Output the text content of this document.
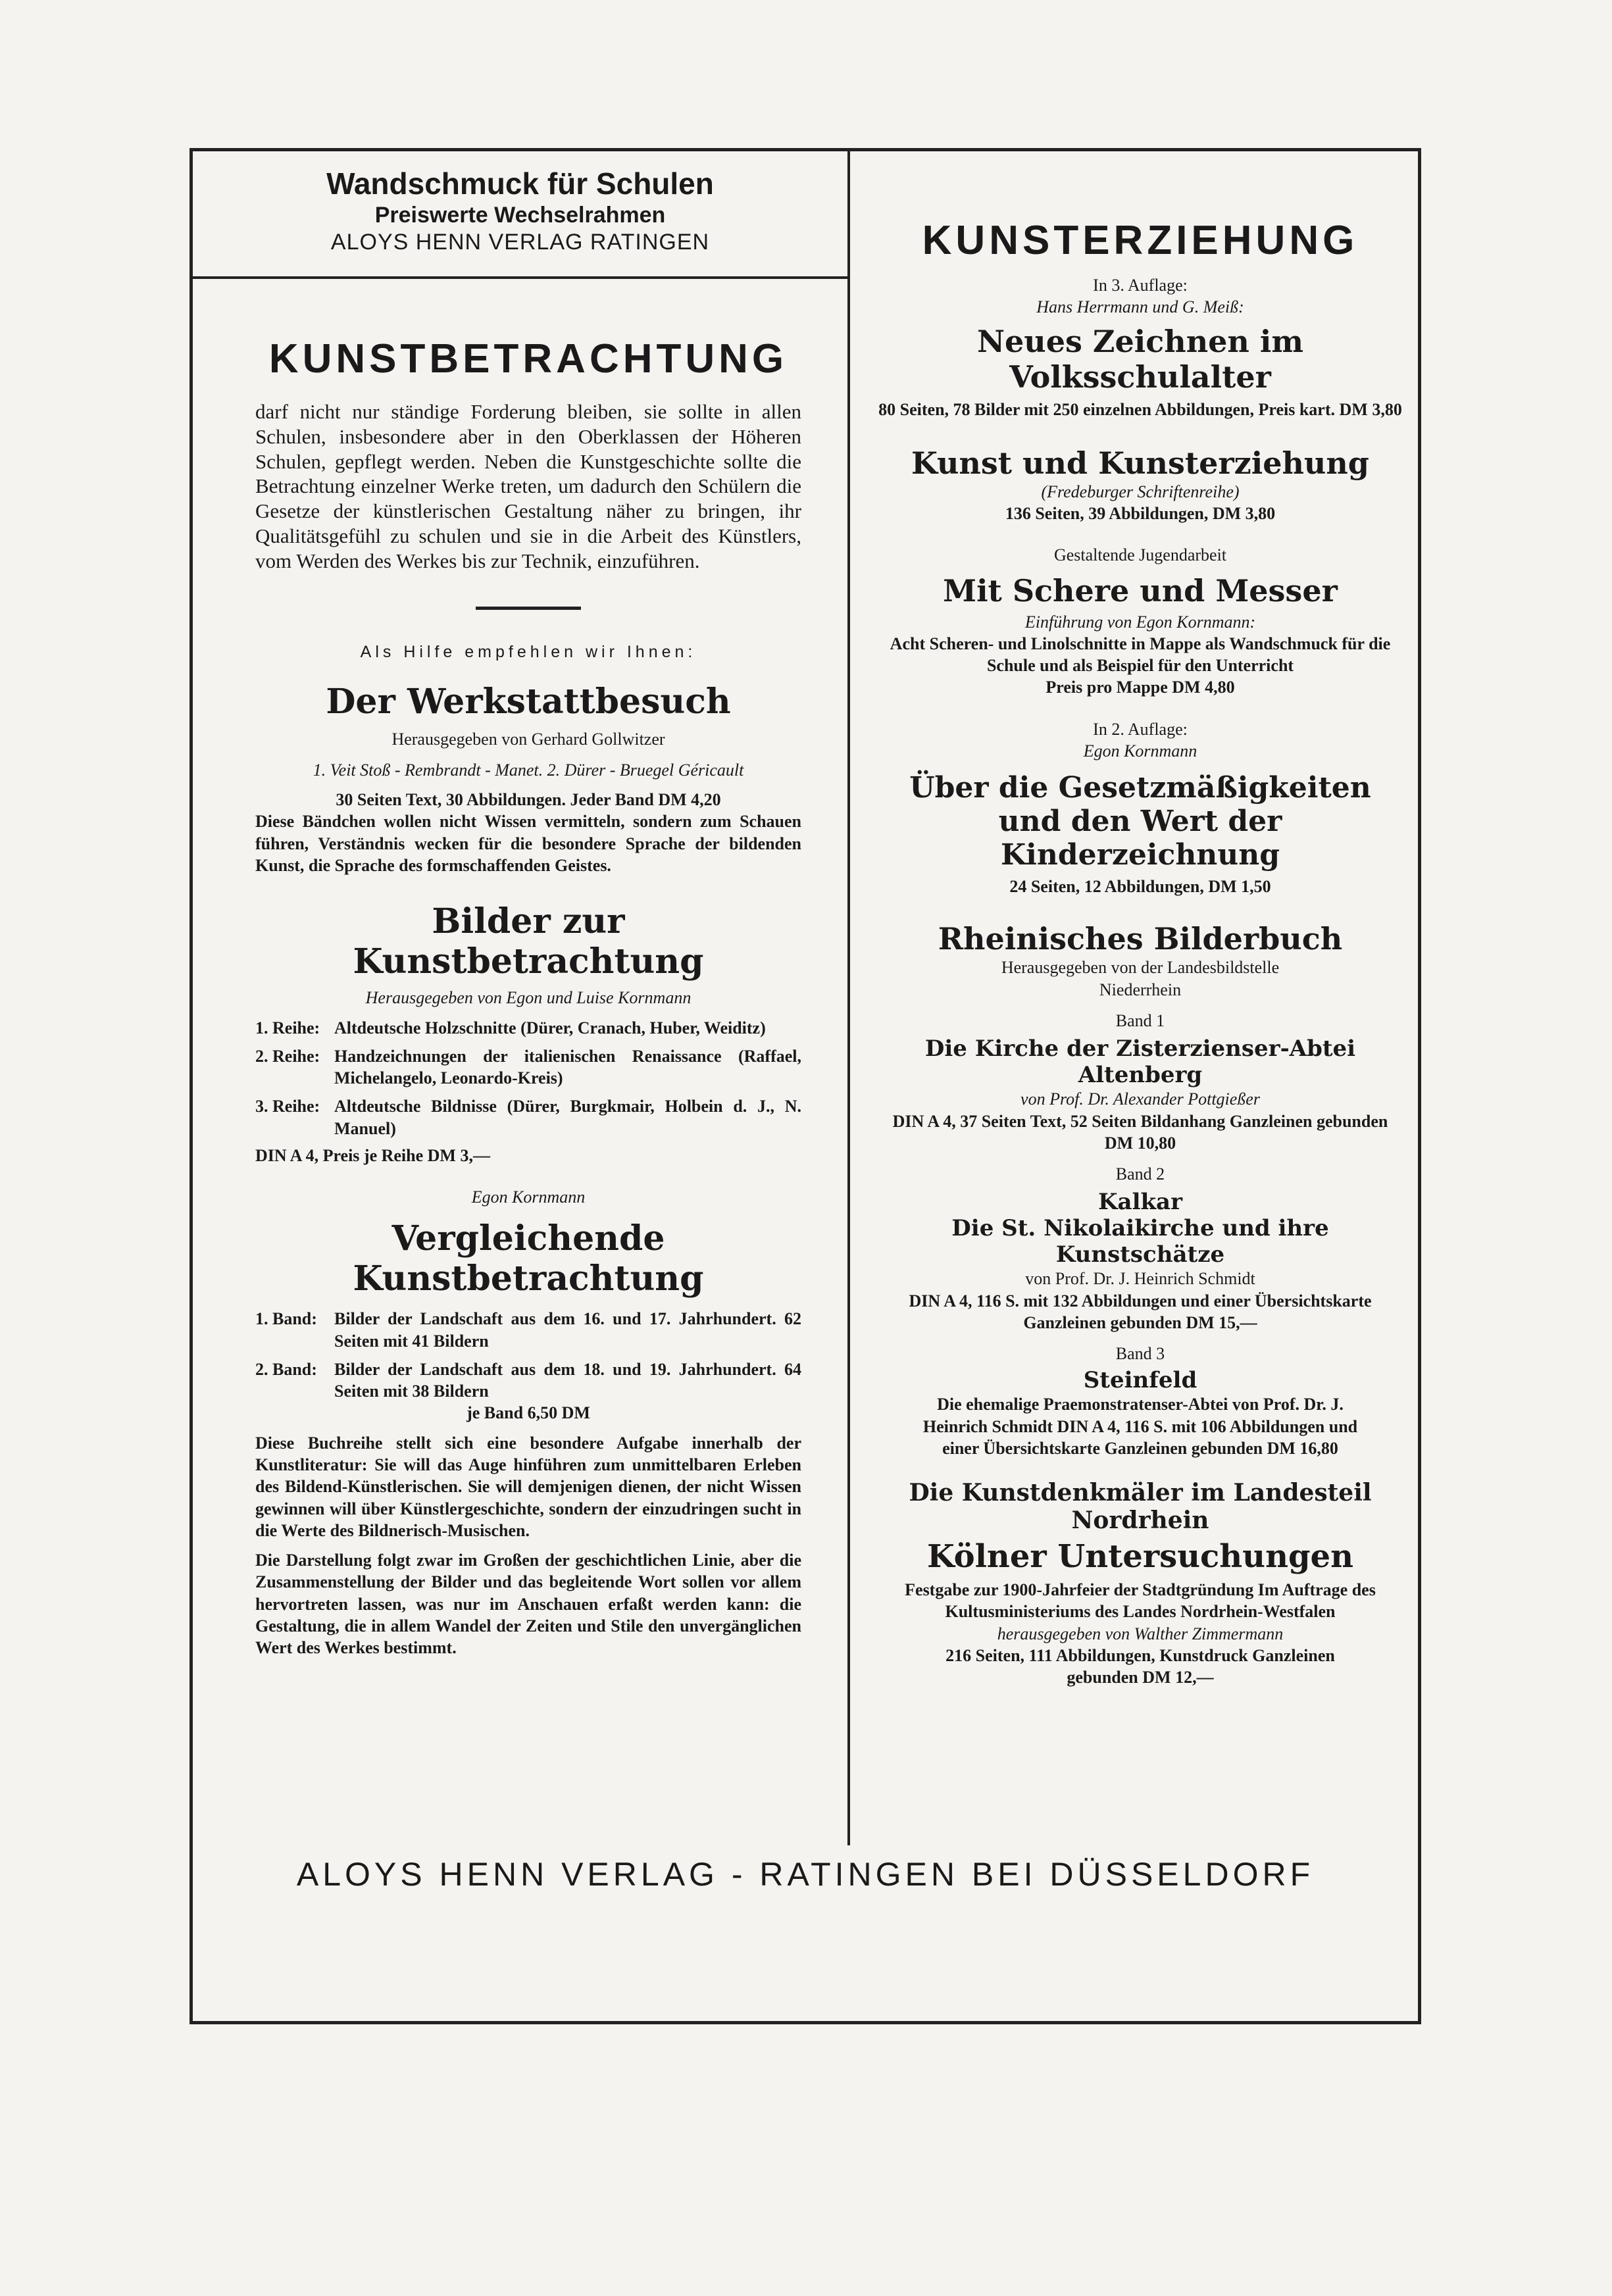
Wandschmuck für Schulen
Preiswerte Wechselrahmen
ALOYS HENN VERLAG RATINGEN
KUNSTBETRACHTUNG
darf nicht nur ständige Forderung bleiben, sie sollte in allen Schulen, insbesondere aber in den Oberklassen der Höheren Schulen, gepflegt werden. Neben die Kunstgeschichte sollte die Betrachtung einzelner Werke treten, um dadurch den Schülern die Gesetze der künstlerischen Gestaltung näher zu bringen, ihr Qualitätsgefühl zu schulen und sie in die Arbeit des Künstlers, vom Werden des Werkes bis zur Technik, einzuführen.
Als Hilfe empfehlen wir Ihnen:
Der Werkstattbesuch
Herausgegeben von Gerhard Gollwitzer
1. Veit Stoß - Rembrandt - Manet. 2. Dürer - Bruegel Géricault
30 Seiten Text, 30 Abbildungen. Jeder Band DM 4,20
Diese Bändchen wollen nicht Wissen vermitteln, sondern zum Schauen führen, Verständnis wecken für die besondere Sprache der bildenden Kunst, die Sprache des formschaffenden Geistes.
Bilder zur Kunstbetrachtung
Herausgegeben von Egon und Luise Kornmann
1. Reihe: Altdeutsche Holzschnitte (Dürer, Cranach, Huber, Weiditz)
2. Reihe: Handzeichnungen der italienischen Renaissance (Raffael, Michelangelo, Leonardo-Kreis)
3. Reihe: Altdeutsche Bildnisse (Dürer, Burgkmair, Holbein d. J., N. Manuel)
DIN A 4, Preis je Reihe DM 3,—
Egon Kornmann
Vergleichende Kunstbetrachtung
1. Band:	Bilder der Landschaft aus dem 16. und 17. Jahrhundert. 62 Seiten mit 41 Bildern
2. Band:	Bilder der Landschaft aus dem 18. und 19. Jahrhundert. 64 Seiten mit 38 Bildern
je Band 6,50 DM
Diese Buchreihe stellt sich eine besondere Aufgabe innerhalb der Kunstliteratur: Sie will das Auge hinführen zum unmittelbaren Erleben des Bildend-Künstlerischen. Sie will demjenigen dienen, der nicht Wissen gewinnen will über Künstlergeschichte, sondern der einzudringen sucht in die Werte des Bildnerisch-Musischen.
Die Darstellung folgt zwar im Großen der geschichtlichen Linie, aber die Zusammenstellung der Bilder und das begleitende Wort sollen vor allem hervortreten lassen, was nur im Anschauen erfaßt werden kann: die Gestaltung, die in allem Wandel der Zeiten und Stile den unvergänglichen Wert des Werkes bestimmt.
KUNSTERZIEHUNG
In 3. Auflage:
Hans Herrmann und G. Meiß:
Neues Zeichnen im Volksschulalter
80 Seiten, 78 Bilder mit 250 einzelnen Abbildungen, Preis kart. DM 3,80
Kunst und Kunsterziehung
(Fredeburger Schriftenreihe)
136 Seiten, 39 Abbildungen, DM 3,80
Gestaltende Jugendarbeit
Mit Schere und Messer
Einführung von Egon Kornmann:
Acht Scheren- und Linolschnitte in Mappe als Wandschmuck für die Schule und als Beispiel für den Unterricht
Preis pro Mappe DM 4,80
In 2. Auflage:
Egon Kornmann
Über die Gesetzmäßigkeiten
und den Wert der Kinderzeichnung
24 Seiten, 12 Abbildungen, DM 1,50
Rheinisches Bilderbuch
Herausgegeben von der Landesbildstelle Niederrhein
Band 1
Die Kirche der Zisterzienser-Abtei Altenberg
von Prof. Dr. Alexander Pottgießer
DIN A 4, 37 Seiten Text, 52 Seiten Bildanhang Ganzleinen gebunden DM 10,80
Band 2
Kalkar
Die St. Nikolaikirche und ihre Kunstschätze
von Prof. Dr. J. Heinrich Schmidt
DIN A 4, 116 S. mit 132 Abbildungen und einer Übersichtskarte Ganzleinen gebunden DM 15,—
Band 3
Steinfeld
Die ehemalige Praemonstratenser-Abtei von Prof. Dr. J. Heinrich Schmidt DIN A 4, 116 S. mit 106 Abbildungen und einer Übersichtskarte Ganzleinen gebunden DM 16,80
Die Kunstdenkmäler im Landesteil Nordrhein
Kölner Untersuchungen
Festgabe zur 1900-Jahrfeier der Stadtgründung Im Auftrage des Kultusministeriums des Landes Nordrhein-Westfalen
herausgegeben von Walther Zimmermann
216 Seiten, 111 Abbildungen, Kunstdruck Ganzleinen gebunden DM 12,—
ALOYS HENN VERLAG - RATINGEN BEI DÜSSELDORF
